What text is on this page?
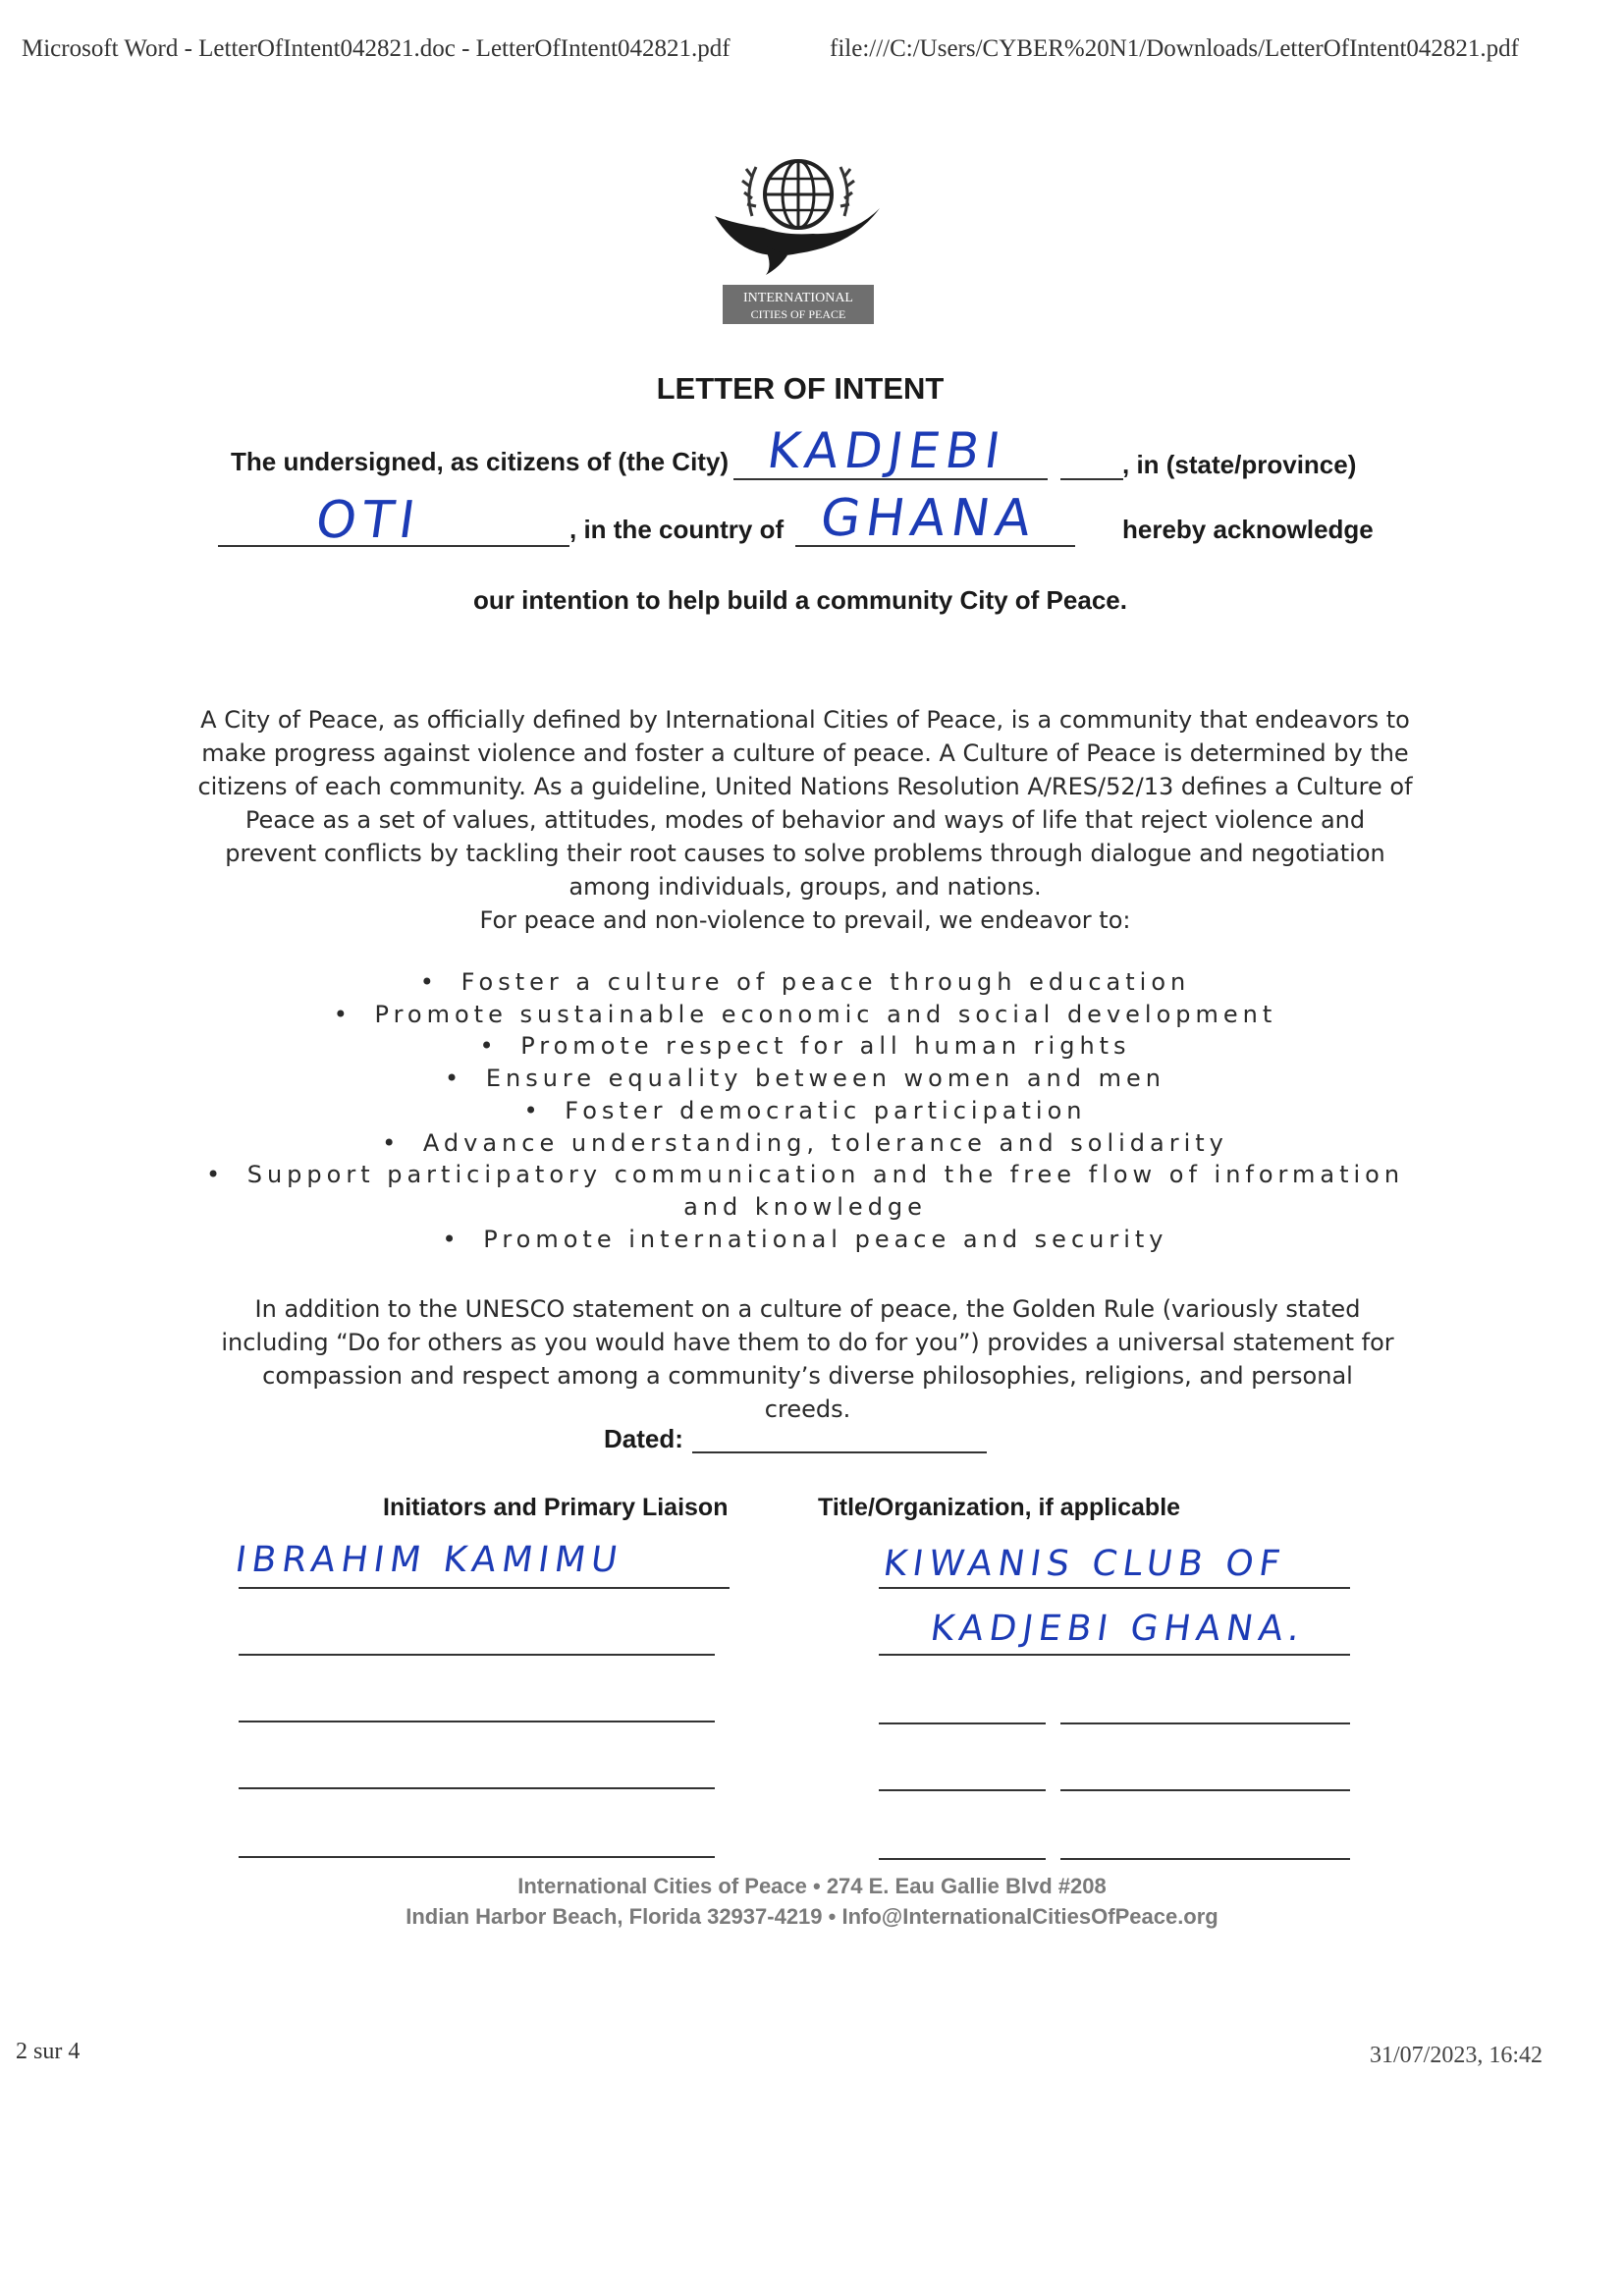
Microsoft Word - LetterOfIntent042821.doc - LetterOfIntent042821.pdf	file:///C:/Users/CYBER%20N1/Downloads/LetterOfIntent042821.pdf
INTERNATIONAL
CITIES OF PEACE
LETTER OF INTENT
The undersigned, as citizens of (the City) KADJEBI	, in (state/province)
OTI	, in the country of GHANA	hereby acknowledge
our intention to help build a community City of Peace.
A City of Peace, as officially defined by International Cities of Peace, is a community that endeavors to make progress against violence and foster a culture of peace. A Culture of Peace is determined by the citizens of each community. As a guideline, United Nations Resolution A/RES/52/13 defines a Culture of Peace as a set of values, attitudes, modes of behavior and ways of life that reject violence and prevent conflicts by tackling their root causes to solve problems through dialogue and negotiation among individuals, groups, and nations.
For peace and non-violence to prevail, we endeavor to:
• Foster a culture of peace through education
• Promote sustainable economic and social development
• Promote respect for all human rights
• Ensure equality between women and men
• Foster democratic participation
• Advance understanding, tolerance and solidarity
• Support participatory communication and the free flow of information and knowledge
• Promote international peace and security
In addition to the UNESCO statement on a culture of peace, the Golden Rule (variously stated including “Do for others as you would have them to do for you”) provides a universal statement for compassion and respect among a community’s diverse philosophies, religions, and personal creeds.
Dated:
Initiators and Primary Liaison	Title/Organization, if applicable
IBRAHIM KAMIMU	KIWANIS CLUB OF
KADJEBI GHANA.
International Cities of Peace • 274 E. Eau Gallie Blvd #208
Indian Harbor Beach, Florida 32937-4219 • Info@InternationalCitiesOfPeace.org
2 sur 4	31/07/2023, 16:42
